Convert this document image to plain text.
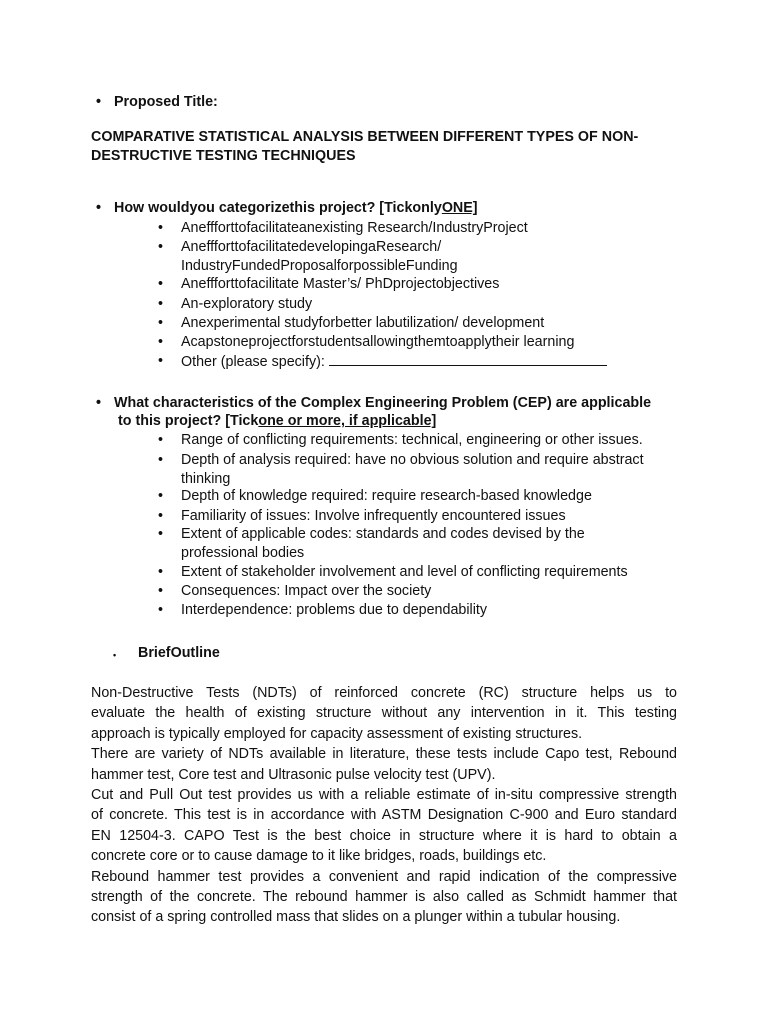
• Proposed Title:
COMPARATIVE STATISTICAL ANALYSIS BETWEEN DIFFERENT TYPES OF NON-
DESTRUCTIVE TESTING TECHNIQUES
• How wouldyou categorizethis project? [TickonlyONE]
• Aneffforttofacilitateanexisting Research/IndustryProject
• AneffforttofacilitatedevelopingaResearch/
IndustryFundedProposalforpossibleFunding
• Aneffforttofacilitate Master’s/ PhDprojectobjectives
• An-exploratory study
• Anexperimental studyforbetter labutilization/ development
• Acapstoneprojectforstudentsallowingthemtoapplytheir learning
• Other (please specify):
• What characteristics of the Complex Engineering Problem (CEP) are applicable
to this project? [Tickone or more, if applicable]
• Range of conflicting requirements: technical, engineering or other issues.
• Depth of analysis required: have no obvious solution and require abstract
thinking
• Depth of knowledge required: require research-based knowledge
• Familiarity of issues: Involve infrequently encountered issues
• Extent of applicable codes: standards and codes devised by the
professional bodies
• Extent of stakeholder involvement and level of conflicting requirements
• Consequences: Impact over the society
• Interdependence: problems due to dependability
• BriefOutline

Non-Destructive Tests (NDTs) of reinforced concrete (RC) structure helps us to

evaluate the health of existing structure without any intervention in it. This testing

approach is typically employed for capacity assessment of existing structures.

There are variety of NDTs available in literature, these tests include Capo test, Rebound

hammer test, Core test and Ultrasonic pulse velocity test (UPV).

Cut and Pull Out test provides us with a reliable estimate of in-situ compressive strength

of concrete. This test is in accordance with ASTM Designation C-900 and Euro standard

EN 12504-3. CAPO Test is the best choice in structure where it is hard to obtain a

concrete core or to cause damage to it like bridges, roads, buildings etc.

Rebound hammer test provides a convenient and rapid indication of the compressive

strength of the concrete. The rebound hammer is also called as Schmidt hammer that

consist of a spring controlled mass that slides on a plunger within a tubular housing.
